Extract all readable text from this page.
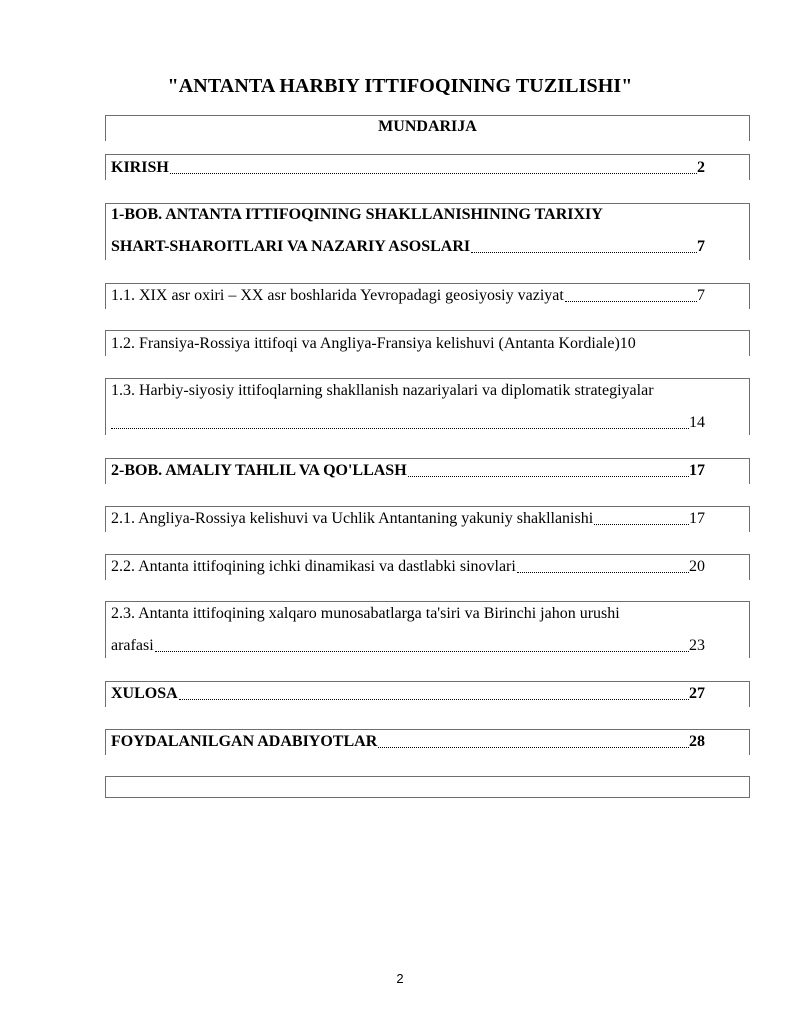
"ANTANTA HARBIY ITTIFOQINING TUZILISHI"
MUNDARIJA
KIRISH	2
1-BOB. ANTANTA ITTIFOQINING SHAKLLANISHINING TARIXIY
SHART-SHAROITLARI VA NAZARIY ASOSLARI	7
1.1. XIX asr oxiri – XX asr boshlarida Yevropadagi geosiyosiy vaziyat	7
1.2. Fransiya-Rossiya ittifoqi va Angliya-Fransiya kelishuvi (Antanta Kordiale) 10
1.3. Harbiy-siyosiy ittifoqlarning shakllanish nazariyalari va diplomatik strategiyalar
14
2-BOB. AMALIY TAHLIL VA QO'LLASH	17
2.1. Angliya-Rossiya kelishuvi va Uchlik Antantaning yakuniy shakllanishi	17
2.2. Antanta ittifoqining ichki dinamikasi va dastlabki sinovlari	20
2.3. Antanta ittifoqining xalqaro munosabatlarga ta'siri va Birinchi jahon urushi
arafasi	23
XULOSA	27
FOYDALANILGAN ADABIYOTLAR	28
2
